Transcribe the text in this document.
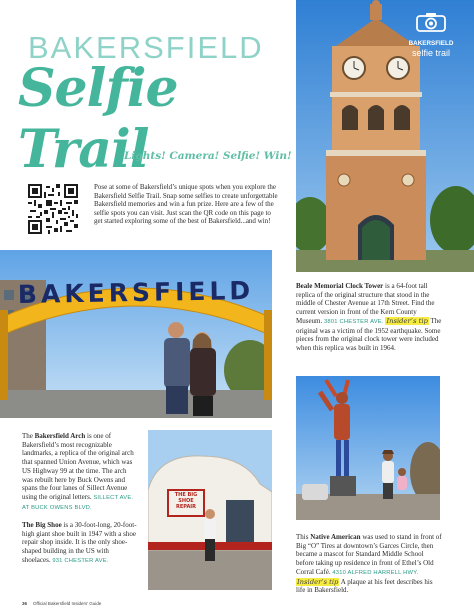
BAKERSFIELD
Selfie Trail
Lights! Camera! Selfie! Win!
Pose at some of Bakersfield’s unique spots when you explore the Bakersfield Selfie Trail. Snap some selfies to create unforgettable Bakersfield memories and win a fun prize. Here are a few of the selfie spots you can visit. Just scan the QR code on this page to get started exploring some of the best of Bakersfield...and win!
BAKERSFIELD
selfie trail
BAKERSFIELD	Beale Memorial Clock Tower is a 64-foot tall replica of the original structure that stood in the middle of Chester Avenue at 17th Street. Find the current version in front of the Kern County Museum. 3801 CHESTER AVE. Insider’s tip The original was a victim of the 1952 earthquake. Some pieces from the original clock tower were included when this replica was built in 1964.
The Bakersfield Arch is one of Bakersfield’s most recognizable landmarks, a replica of the original arch that spanned Union Avenue, which was US Highway 99 at the time. The arch was rebuilt here by Buck Owens and spans the four lanes of Sillect Avenue using the original letters. SILLECT AVE. AT BUCK OWENS BLVD.
The Big Shoe is a 30-foot-long, 20-foot-high giant shoe built in 1947 with a shoe repair shop inside. It is the only shoe-shaped building in the US with shoelaces. 931 CHESTER AVE.
THE BIG SHOE REPAIR
This Native American was used to stand in front of Big “O” Tires at downtown’s Garces Circle, then became a mascot for Standard Middle School before taking up residence in front of Ethel’s Old Corral Café. 4310 ALFRED HARRELL HWY. Insider’s tip A plaque at his feet describes his life in Bakersfield.
36 Official Bakersfield Insiders’ Guide
